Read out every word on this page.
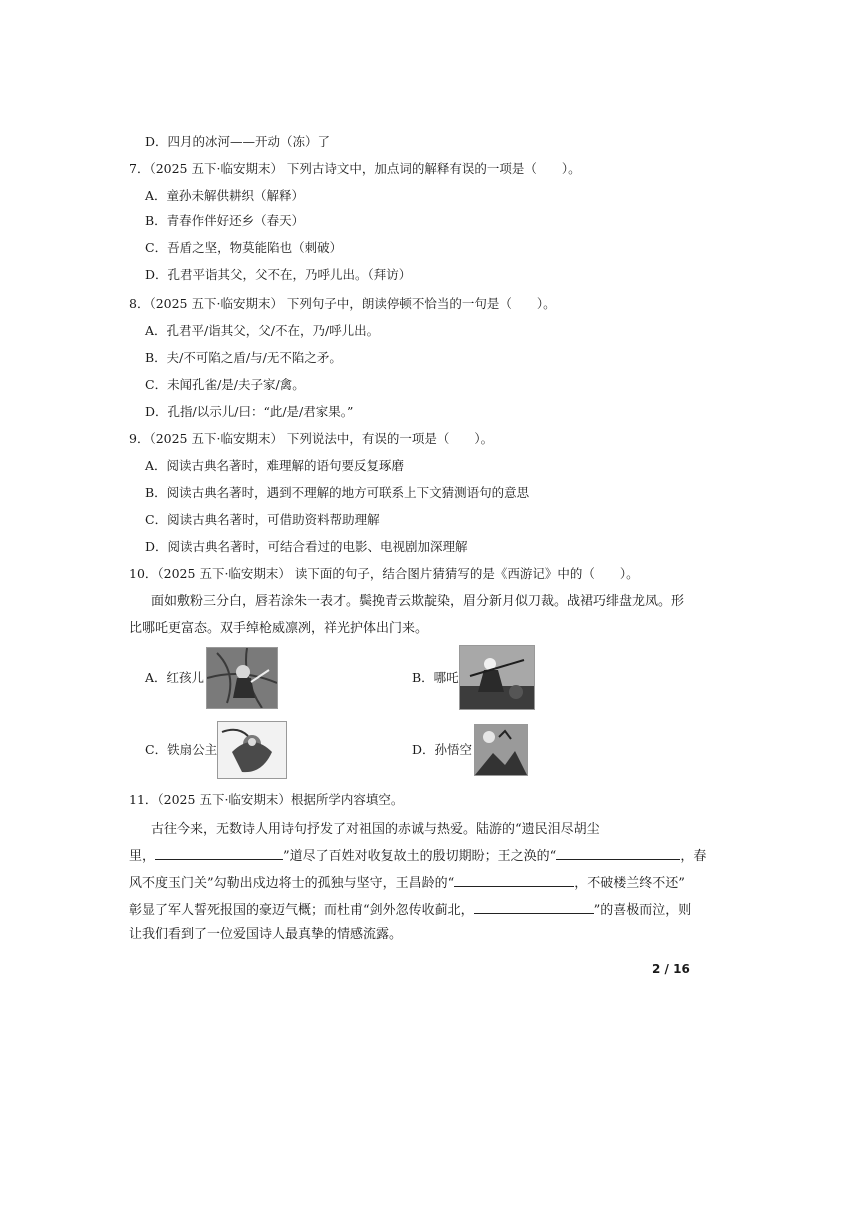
D．四月的冰河——开动（冻）了
7．（2025 五下·临安期末） 下列古诗文中，加点词的解释有误的一项是（　　）。
A．童孙未解供耕织（解释）
B．青春作伴好还乡（春天）
C．吾盾之坚，物莫能陷也（刺破）
D．孔君平诣其父，父不在，乃呼儿出。（拜访）
8．（2025 五下·临安期末） 下列句子中，朗读停顿不恰当的一句是（　　）。
A．孔君平/诣其父，父/不在，乃/呼儿出。
B．夫/不可陷之盾/与/无不陷之矛。
C．未闻孔雀/是/夫子家/禽。
D．孔指/以示儿/曰：“此/是/君家果。”
9．（2025 五下·临安期末） 下列说法中，有误的一项是（　　）。
A．阅读古典名著时，难理解的语句要反复琢磨
B．阅读古典名著时，遇到不理解的地方可联系上下文猜测语句的意思
C．阅读古典名著时，可借助资料帮助理解
D．阅读古典名著时，可结合看过的电影、电视剧加深理解
10．（2025 五下·临安期末） 读下面的句子，结合图片猜猜写的是《西游记》中的（　　）。
面如敷粉三分白，唇若涂朱一表才。鬓挽青云欺靛染，眉分新月似刀裁。战裙巧绯盘龙凤。形
比哪吒更富态。双手绰枪威凛冽，祥光护体出门来。
A．红孩儿	B．哪吒
C．铁扇公主	D．孙悟空
11．（2025 五下·临安期末）根据所学内容填空。
古往今来，无数诗人用诗句抒发了对祖国的赤诚与热爱。陆游的“遗民泪尽胡尘
里，	”道尽了百姓对收复故土的殷切期盼；王之涣的“	，春
风不度玉门关”勾勒出戍边将士的孤独与坚守，王昌龄的“	，不破楼兰终不还”
彰显了军人誓死报国的豪迈气概；而杜甫“剑外忽传收蓟北，	”的喜极而泣，则
让我们看到了一位爱国诗人最真挚的情感流露。
2 / 16
